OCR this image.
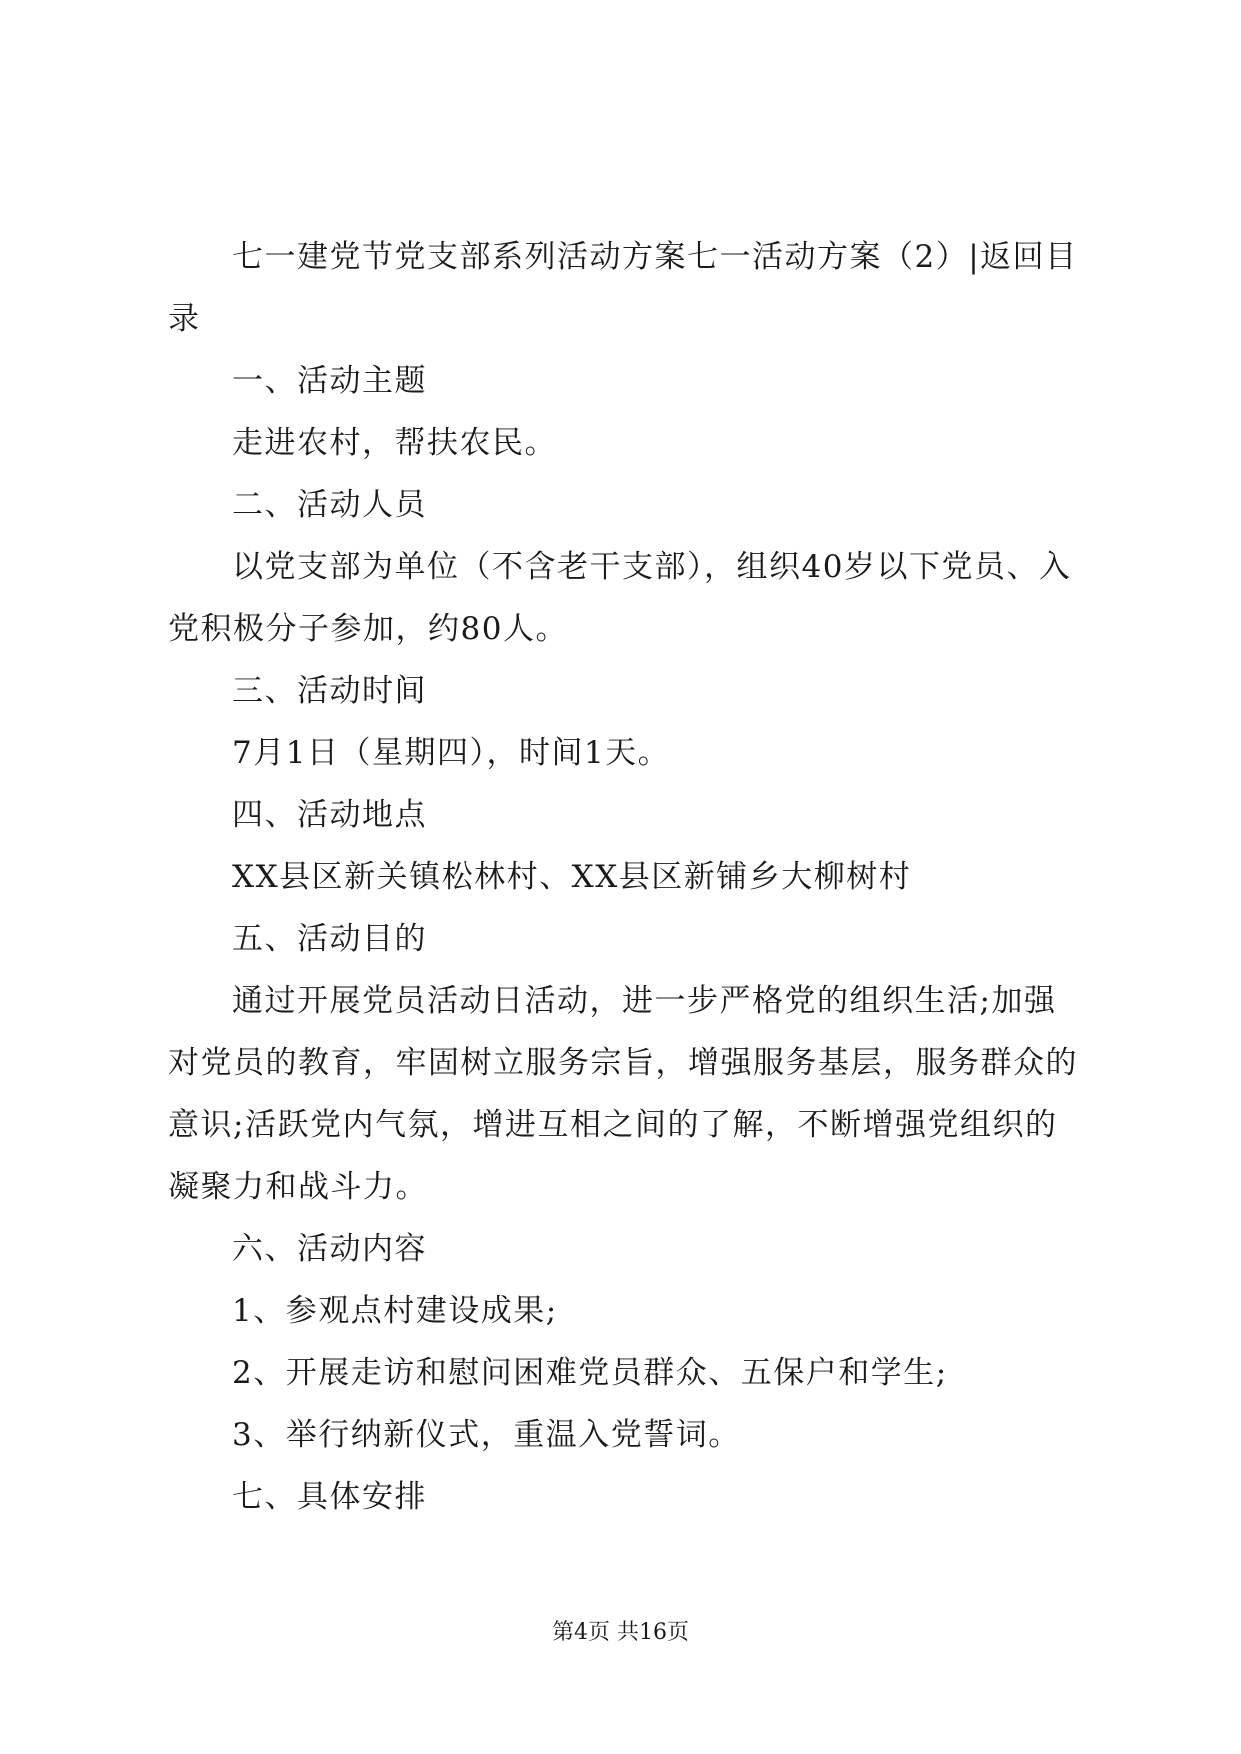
七一建党节党支部系列活动方案七一活动方案（2）|返回目
录
一、活动主题
走进农村，帮扶农民。
二、活动人员
以党支部为单位（不含老干支部），组织40岁以下党员、入
党积极分子参加，约80人。
三、活动时间
7月1日（星期四），时间1天。
四、活动地点
XX县区新关镇松林村、XX县区新铺乡大柳树村
五、活动目的
通过开展党员活动日活动，进一步严格党的组织生活;加强
对党员的教育，牢固树立服务宗旨，增强服务基层，服务群众的
意识;活跃党内气氛，增进互相之间的了解，不断增强党组织的
凝聚力和战斗力。
六、活动内容
1、参观点村建设成果;
2、开展走访和慰问困难党员群众、五保户和学生;
3、举行纳新仪式，重温入党誓词。
七、具体安排
第4页 共16页
